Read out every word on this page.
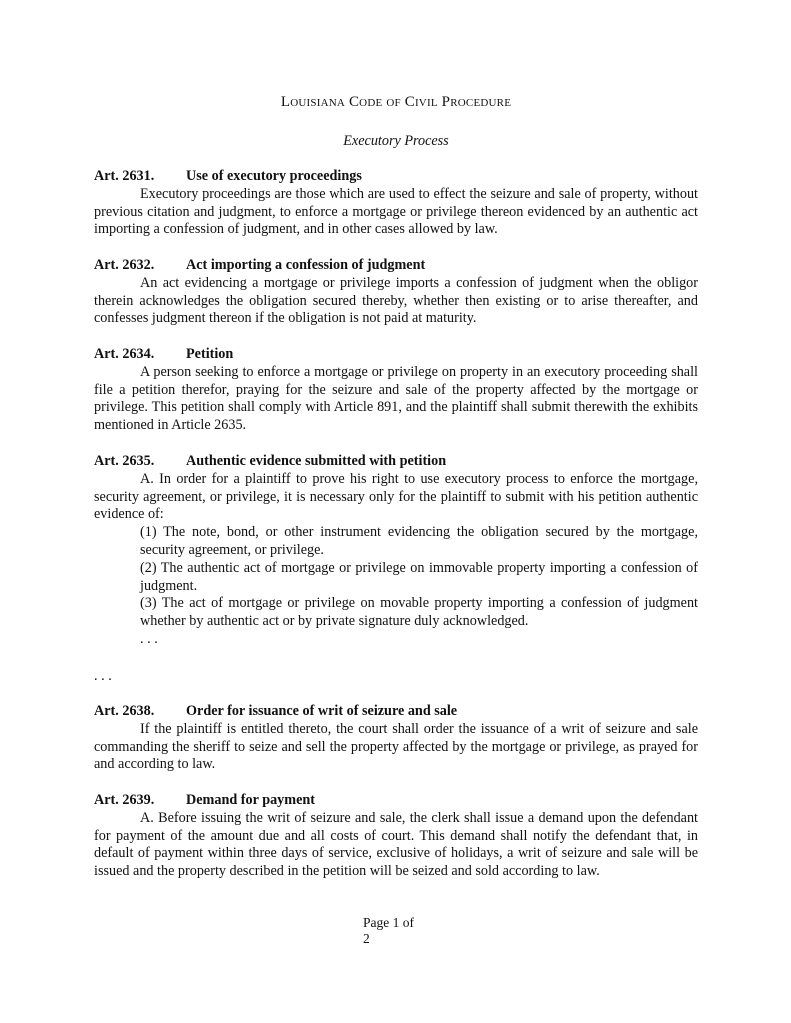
Louisiana Code of Civil Procedure
Executory Process
Art. 2631. Use of executory proceedings

Executory proceedings are those which are used to effect the seizure and sale of property, without previous citation and judgment, to enforce a mortgage or privilege thereon evidenced by an authentic act importing a confession of judgment, and in other cases allowed by law.

Art. 2632. Act importing a confession of judgment

An act evidencing a mortgage or privilege imports a confession of judgment when the obligor therein acknowledges the obligation secured thereby, whether then existing or to arise thereafter, and confesses judgment thereon if the obligation is not paid at maturity.

Art. 2634. Petition

A person seeking to enforce a mortgage or privilege on property in an executory proceeding shall file a petition therefor, praying for the seizure and sale of the property affected by the mortgage or privilege. This petition shall comply with Article 891, and the plaintiff shall submit therewith the exhibits mentioned in Article 2635.

Art. 2635. Authentic evidence submitted with petition

A. In order for a plaintiff to prove his right to use executory process to enforce the mortgage, security agreement, or privilege, it is necessary only for the plaintiff to submit with his petition authentic evidence of:

(1) The note, bond, or other instrument evidencing the obligation secured by the mortgage, security agreement, or privilege.
(2) The authentic act of mortgage or privilege on immovable property importing a confession of judgment.
(3) The act of mortgage or privilege on movable property importing a confession of judgment whether by authentic act or by private signature duly acknowledged.
. . .
. . .
Art. 2638. Order for issuance of writ of seizure and sale

If the plaintiff is entitled thereto, the court shall order the issuance of a writ of seizure and sale commanding the sheriff to seize and sell the property affected by the mortgage or privilege, as prayed for and according to law.

Art. 2639. Demand for payment

A. Before issuing the writ of seizure and sale, the clerk shall issue a demand upon the defendant for payment of the amount due and all costs of court. This demand shall notify the defendant that, in default of payment within three days of service, exclusive of holidays, a writ of seizure and sale will be issued and the property described in the petition will be seized and sold according to law.

Page 1 of
2
